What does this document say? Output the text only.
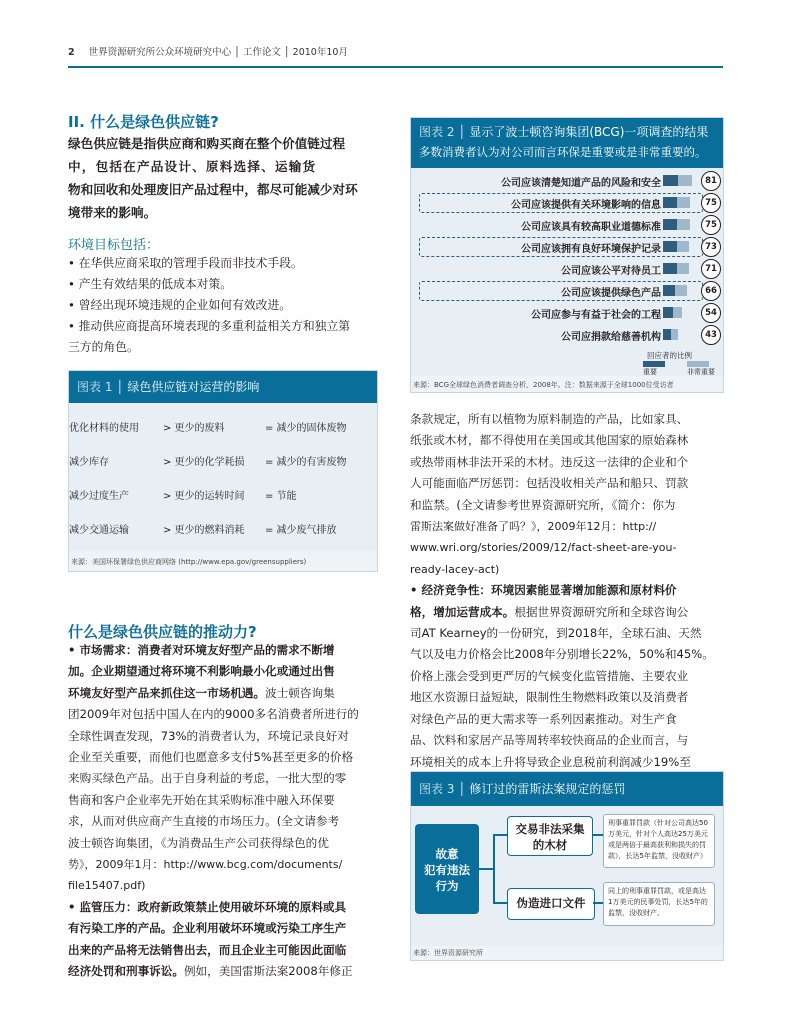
2 世界资源研究所公众环境研究中心 │ 工作论文 │ 2010年10月
II. 什么是绿色供应链?
绿色供应链是指供应商和购买商在整个价值链过程
中，包括在产品设计、原料选择、运输货
物和回收和处理废旧产品过程中，都尽可能减少对环
境带来的影响。
环境目标包括：
• 在华供应商采取的管理手段而非技术手段。
• 产生有效结果的低成本对策。
• 曾经出现环境违规的企业如何有效改进。
• 推动供应商提高环境表现的多重利益相关方和独立第
三方的角色。
图表 1 │ 绿色供应链对运营的影响
优化材料的使用 > 更少的废料	= 减少的固体废物
减少库存	> 更少的化学耗损 = 减少的有害废物
减少过度生产	> 更少的运转时间 = 节能
减少交通运输	> 更少的燃料消耗 = 减少废气排放
来源：美国环保署绿色供应商网络 (http://www.epa.gov/greensuppliers)
什么是绿色供应链的推动力?
• 市场需求：消费者对环境友好型产品的需求不断增
加。企业期望通过将环境不利影响最小化或通过出售
环境友好型产品来抓住这一市场机遇。波士顿咨询集
团2009年对包括中国人在内的9000多名消费者所进行的
全球性调查发现，73%的消费者认为，环境记录良好对
企业至关重要，而他们也愿意多支付5%甚至更多的价格
来购买绿色产品。出于自身利益的考虑，一批大型的零
售商和客户企业率先开始在其采购标准中融入环保要
求，从而对供应商产生直接的市场压力。(全文请参考
波士顿咨询集团，《为消费品生产公司获得绿色的优
势》，2009年1月：http://www.bcg.com/documents/
file15407.pdf)
• 监管压力：政府新政策禁止使用破坏环境的原料或具
有污染工序的产品。企业利用破坏环境或污染工序生产
出来的产品将无法销售出去，而且企业主可能因此面临
经济处罚和刑事诉讼。例如，美国雷斯法案2008年修正
图表 2 │ 显示了波士顿咨询集团(BCG)一项调查的结果
多数消费者认为对公司而言环保是重要或是非常重要的。
公司应该清楚知道产品的风险和安全	81
公司应该提供有关环境影响的信息	75
公司应该具有较高职业道德标准	75
公司应该拥有良好环境保护记录	73
公司应该公平对待员工	71
公司应该提供绿色产品	66
公司应参与有益于社会的工程	54
公司应捐款给慈善机构	43
回应者的比例
重要	非常重要
来源：BCG全球绿色消费者调查分析，2008年。注：数据来源于全球1000位受访者
条款规定，所有以植物为原料制造的产品，比如家具、
纸张或木材，都不得使用在美国或其他国家的原始森林
或热带雨林非法开采的木材。违反这一法律的企业和个
人可能面临严厉惩罚：包括没收相关产品和船只、罚款
和监禁。(全文请参考世界资源研究所，《简介：你为
雷斯法案做好准备了吗？》，2009年12月：http://
www.wri.org/stories/2009/12/fact-sheet-are-you-
ready-lacey-act)
• 经济竞争性：环境因素能显著增加能源和原材料价
格，增加运营成本。根据世界资源研究所和全球咨询公
司AT Kearney的一份研究，到2018年，全球石油、天然
气以及电力价格会比2008年分别增长22%，50%和45%。
价格上涨会受到更严厉的气候变化监管措施、主要农业
地区水资源日益短缺，限制性生物燃料政策以及消费者
对绿色产品的更大需求等一系列因素推动。对生产食
品、饮料和家居产品等周转率较快商品的企业而言，与
环境相关的成本上升将导致企业息税前利润减少19%至
图表 3 │ 修订过的雷斯法案规定的惩罚
故意
犯有违法
行为
交易非法采集
的木材
伪造进口文件
刑事重罪罚款（针对公司高达50万美元，针对个人高达25万美元或是两倍于最高获利和损失的罚款），长达5年监禁，没收财产）
同上的刑事重罪罚款，或是高达1万美元的民事处罚，长达5年的监禁，没收财产。
来源：世界资源研究所
